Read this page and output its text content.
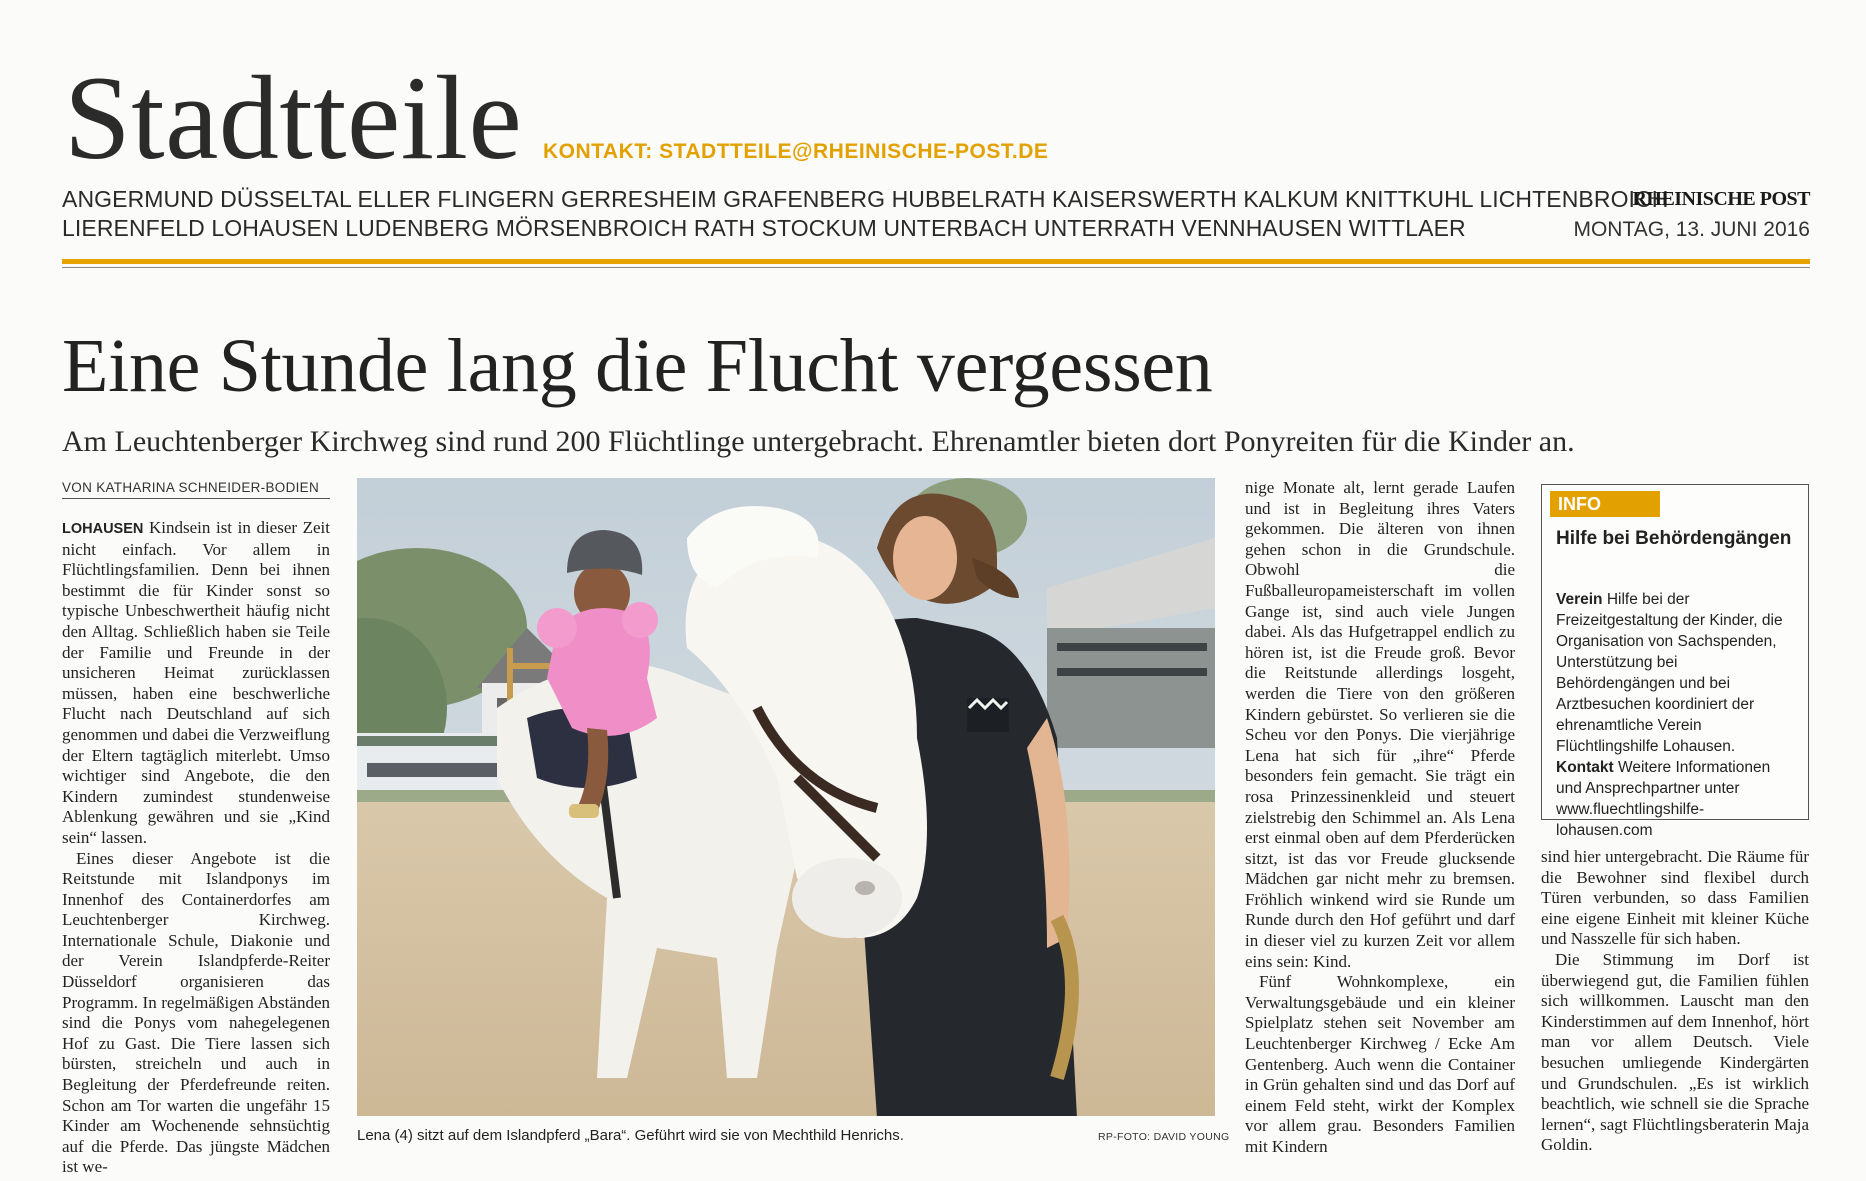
Stadtteile KONTAKT: STADTTEILE@RHEINISCHE-POST.DE
ANGERMUND DÜSSELTAL ELLER FLINGERN GERRESHEIM GRAFENBERG HUBBELRATH KAISERSWERTH KALKUM KNITTKUHL LICHTENBROICH
LIERENFELD LOHAUSEN LUDENBERG MÖRSENBROICH RATH STOCKUM UNTERBACH UNTERRATH VENNHAUSEN WITTLAER
RHEINISCHE POST
MONTAG, 13. JUNI 2016
Eine Stunde lang die Flucht vergessen
Am Leuchtenberger Kirchweg sind rund 200 Flüchtlinge untergebracht. Ehrenamtler bieten dort Ponyreiten für die Kinder an.
VON KATHARINA SCHNEIDER-BODIEN

LOHAUSEN Kindsein ist in dieser Zeit nicht einfach. Vor allem in Flüchtlingsfamilien. Denn bei ihnen bestimmt die für Kinder sonst so typische Unbeschwertheit häufig nicht den Alltag. Schließlich haben sie Teile der Familie und Freunde in der unsicheren Heimat zurücklassen müssen, haben eine beschwerliche Flucht nach Deutschland auf sich genommen und dabei die Verzweiflung der Eltern tagtäglich miterlebt. Umso wichtiger sind Angebote, die den Kindern zumindest stundenweise Ablenkung gewähren und sie „Kind sein“ lassen.

Eines dieser Angebote ist die Reitstunde mit Islandponys im Innenhof des Containerdorfes am Leuchtenberger Kirchweg. Internationale Schule, Diakonie und der Verein Islandpferde-Reiter Düsseldorf organisieren das Programm. In regelmäßigen Abständen sind die Ponys vom nahegelegenen Hof zu Gast. Die Tiere lassen sich bürsten, streicheln und auch in Begleitung der Pferdefreunde reiten. Schon am Tor warten die ungefähr 15 Kinder am Wochenende sehnsüchtig auf die Pferde. Das jüngste Mädchen ist we-

Lena (4) sitzt auf dem Islandpferd „Bara“. Geführt wird sie von Mechthild Henrichs.	RP-FOTO: DAVID YOUNG

nige Monate alt, lernt gerade Laufen und ist in Begleitung ihres Vaters gekommen. Die älteren von ihnen gehen schon in die Grundschule. Obwohl die Fußballeuropameisterschaft im vollen Gange ist, sind auch viele Jungen dabei. Als das Hufgetrappel endlich zu hören ist, ist die Freude groß. Bevor die Reitstunde allerdings losgeht, werden die Tiere von den größeren Kindern gebürstet. So verlieren sie die Scheu vor den Ponys. Die vierjährige Lena hat sich für „ihre“ Pferde besonders fein gemacht. Sie trägt ein rosa Prinzessinenkleid und steuert zielstrebig den Schimmel an. Als Lena erst einmal oben auf dem Pferderücken sitzt, ist das vor Freude glucksende Mädchen gar nicht mehr zu bremsen. Fröhlich winkend wird sie Runde um Runde durch den Hof geführt und darf in dieser viel zu kurzen Zeit vor allem eins sein: Kind.

Fünf Wohnkomplexe, ein Verwaltungsgebäude und ein kleiner Spielplatz stehen seit November am Leuchtenberger Kirchweg / Ecke Am Gentenberg. Auch wenn die Container in Grün gehalten sind und das Dorf auf einem Feld steht, wirkt der Komplex vor allem grau. Besonders Familien mit Kindern

INFO
Hilfe bei Behördengängen
Verein Hilfe bei der Freizeitgestaltung der Kinder, die Organisation von Sachspenden, Unterstützung bei Behördengängen und bei Arztbesuchen koordiniert der ehrenamtliche Verein Flüchtlingshilfe Lohausen.
Kontakt Weitere Informationen und Ansprechpartner unter www.fluechtlingshilfe-lohausen.com

sind hier untergebracht. Die Räume für die Bewohner sind flexibel durch Türen verbunden, so dass Familien eine eigene Einheit mit kleiner Küche und Nasszelle für sich haben.

Die Stimmung im Dorf ist überwiegend gut, die Familien fühlen sich willkommen. Lauscht man den Kinderstimmen auf dem Innenhof, hört man vor allem Deutsch. Viele besuchen umliegende Kindergärten und Grundschulen. „Es ist wirklich beachtlich, wie schnell sie die Sprache lernen“, sagt Flüchtlingsberaterin Maja Goldin.
